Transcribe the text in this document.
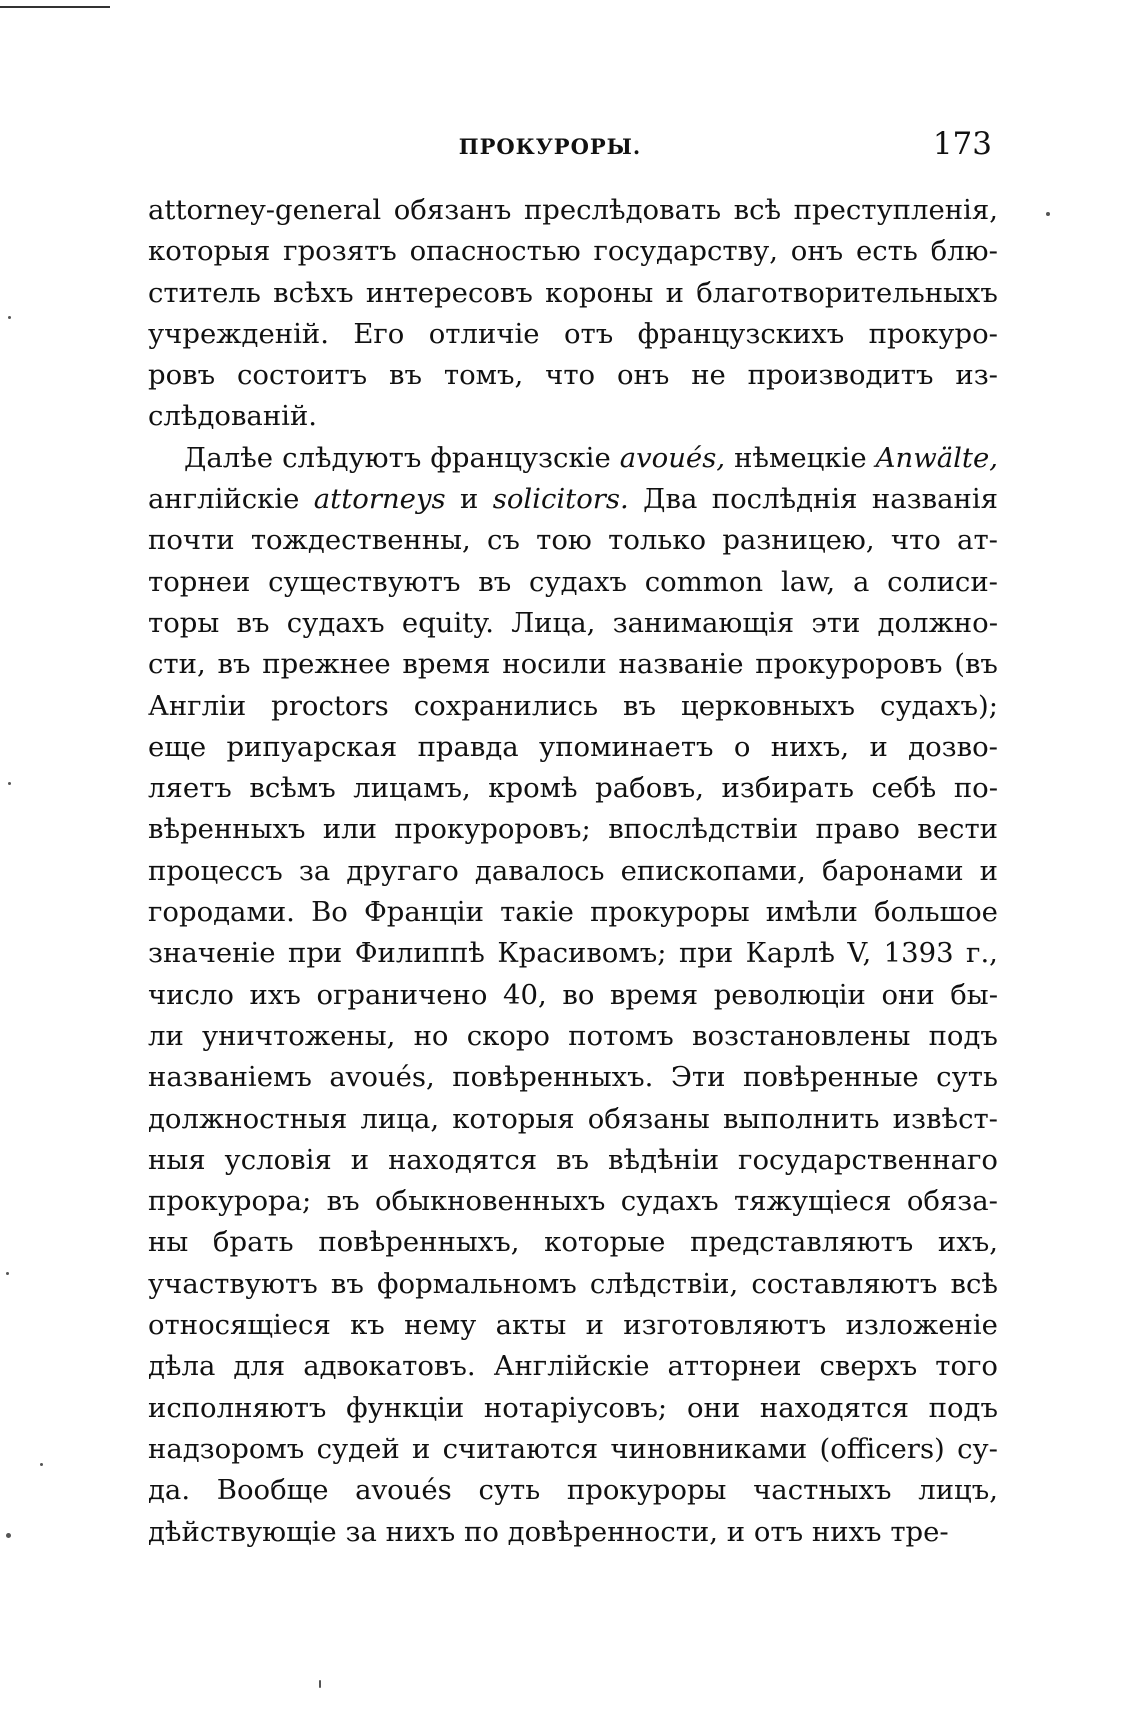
ПРОКУРОРЫ.	173
attorney-general обязанъ преслѣдовать всѣ преступленія,
которыя грозятъ опасностью государству, онъ есть блю-
ститель всѣхъ интересовъ короны и благотворительныхъ
учрежденій. Его отличіе отъ французскихъ прокуро-
ровъ состоитъ въ томъ, что онъ не производитъ из-
слѣдованій.
Далѣе слѣдуютъ французскіе avoués, нѣмецкіе Anwälte,
англійскіе attorneys и solicitors. Два послѣднія названія
почти тождественны, съ тою только разницею, что ат-
торнеи существуютъ въ судахъ common law, а солиси-
торы въ судахъ equity. Лица, занимающія эти должно-
сти, въ прежнее время носили названіе прокуроровъ (въ
Англіи proctors сохранились въ церковныхъ судахъ);
еще рипуарская правда упоминаетъ о нихъ, и дозво-
ляетъ всѣмъ лицамъ, кромѣ рабовъ, избирать себѣ по-
вѣренныхъ или прокуроровъ; впослѣдствіи право вести
процессъ за другаго давалось епископами, баронами и
городами. Во Франціи такіе прокуроры имѣли большое
значеніе при Филиппѣ Красивомъ; при Карлѣ V, 1393 г.,
число ихъ ограничено 40, во время революціи они бы-
ли уничтожены, но скоро потомъ возстановлены подъ
названіемъ avoués, повѣренныхъ. Эти повѣренные суть
должностныя лица, которыя обязаны выполнить извѣст-
ныя условія и находятся въ вѣдѣніи государственнаго
прокурора; въ обыкновенныхъ судахъ тяжущіеся обяза-
ны брать повѣренныхъ, которые представляютъ ихъ,
участвуютъ въ формальномъ слѣдствіи, составляютъ всѣ
относящіеся къ нему акты и изготовляютъ изложеніе
дѣла для адвокатовъ. Англійскіе атторнеи сверхъ того
исполняютъ функціи нотаріусовъ; они находятся подъ
надзоромъ судей и считаются чиновниками (officers) су-
да. Вообще avoués суть прокуроры частныхъ лицъ,
дѣйствующіе
за
нихъ
по
довѣренности,
и
отъ
нихъ
тре-
